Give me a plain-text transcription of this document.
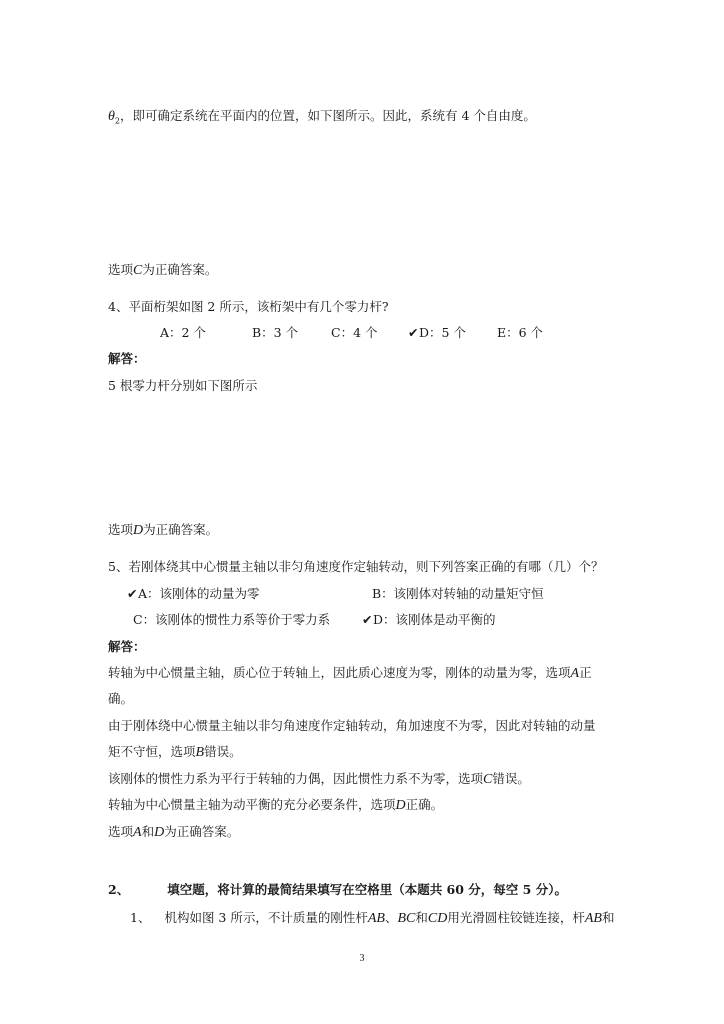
$\theta_2$，即可确定系统在平面内的位置，如下图所示。因此，系统有 4 个自由度。
选项C为正确答案。
4、平面桁架如图 2 所示，该桁架中有几个零力杆?
A：2 个	B：3 个	C：4 个 ✔ D：5 个 E：6 个
解答：
5 根零力杆分别如下图所示
选项D为正确答案。
5、若刚体绕其中心惯量主轴以非匀角速度作定轴转动，则下列答案正确的有哪（几）个？
✔ A：该刚体的动量为零	B：该刚体对转轴的动量矩守恒
C：该刚体的惯性力系等价于零力系	✔ D：该刚体是动平衡的
解答：
转轴为中心惯量主轴，质心位于转轴上，因此质心速度为零，刚体的动量为零，选项A正
确。
由于刚体绕中心惯量主轴以非匀角速度作定轴转动，角加速度不为零，因此对转轴的动量
矩不守恒，选项B错误。
该刚体的惯性力系为平行于转轴的力偶，因此惯性力系不为零，选项C错误。
转轴为中心惯量主轴为动平衡的充分必要条件，选项D正确。
选项A和D为正确答案。
2、	填空题，将计算的最简结果填写在空格里（本题共 60 分，每空 5 分）。
1、 机构如图 3 所示，不计质量的刚性杆AB、BC和CD用光滑圆柱铰链连接，杆AB和
3
